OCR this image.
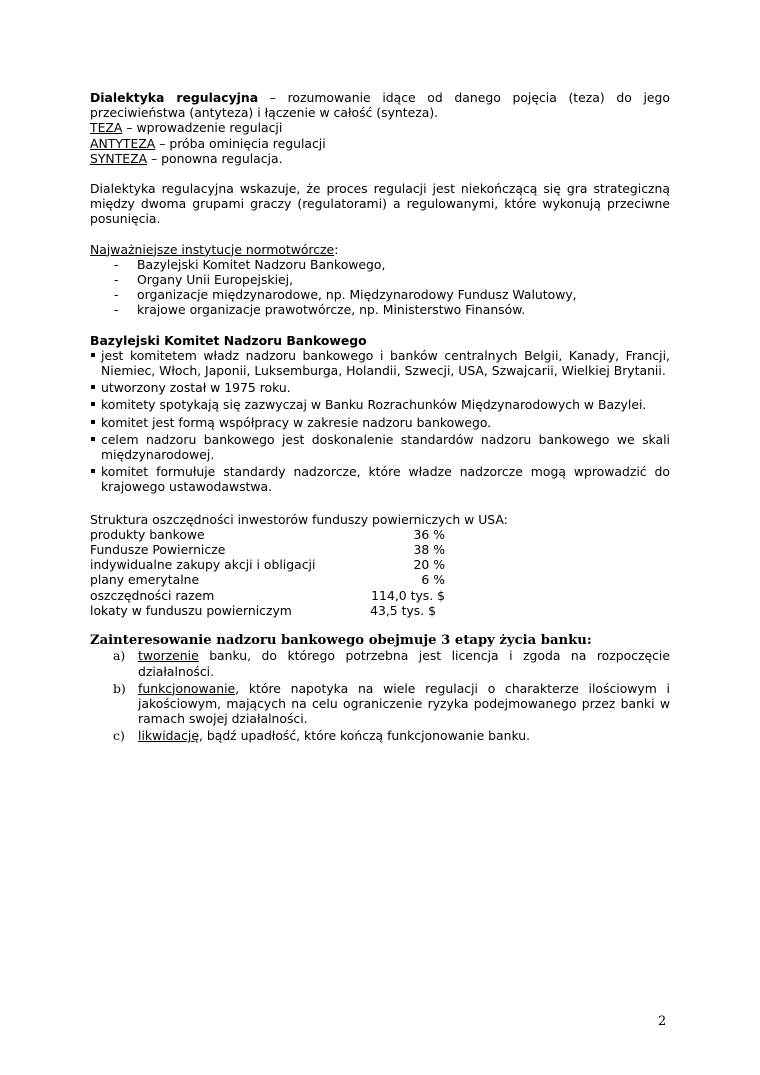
Dialektyka regulacyjna – rozumowanie idące od danego pojęcia (teza) do jego przeciwieństwa (antyteza) i łączenie w całość (synteza).

TEZA – wprowadzenie regulacji

ANTYTEZA – próba ominięcia regulacji

SYNTEZA – ponowna regulacja.

Dialektyka regulacyjna wskazuje, że proces regulacji jest niekończącą się gra strategiczną między dwoma grupami graczy (regulatorami) a regulowanymi, które wykonują przeciwne posunięcia.

Najważniejsze instytucje normotwórcze:

- Bazylejski Komitet Nadzoru Bankowego,
- Organy Unii Europejskiej,
- organizacje międzynarodowe, np. Międzynarodowy Fundusz Walutowy,
- krajowe organizacje prawotwórcze, np. Ministerstwo Finansów.

Bazylejski Komitet Nadzoru Bankowego

jest komitetem władz nadzoru bankowego i banków centralnych Belgii, Kanady, Francji, Niemiec, Włoch, Japonii, Luksemburga, Holandii, Szwecji, USA, Szwajcarii, Wielkiej Brytanii.
utworzony został w 1975 roku.
komitety spotykają się zazwyczaj w Banku Rozrachunków Międzynarodowych w Bazylei.
komitet jest formą współpracy w zakresie nadzoru bankowego.
celem nadzoru bankowego jest doskonalenie standardów nadzoru bankowego we skali międzynarodowej.
komitet formułuje standardy nadzorcze, które władze nadzorcze mogą wprowadzić do krajowego ustawodawstwa.

Struktura oszczędności inwestorów funduszy powierniczych w USA:

produkty bankowe	36 %
Fundusze Powiernicze	38 %
indywidualne zakupy akcji i obligacji	20 %
plany emerytalne	6 %
oszczędności razem	114,0 tys. $
lokaty w funduszu powierniczym	43,5 tys. $

Zainteresowanie nadzoru bankowego obejmuje 3 etapy życia banku:

a) tworzenie banku, do którego potrzebna jest licencja i zgoda na rozpoczęcie działalności.
b) funkcjonowanie, które napotyka na wiele regulacji o charakterze ilościowym i jakościowym, mających na celu ograniczenie ryzyka podejmowanego przez banki w ramach swojej działalności.
c) likwidację, bądź upadłość, które kończą funkcjonowanie banku.
2
